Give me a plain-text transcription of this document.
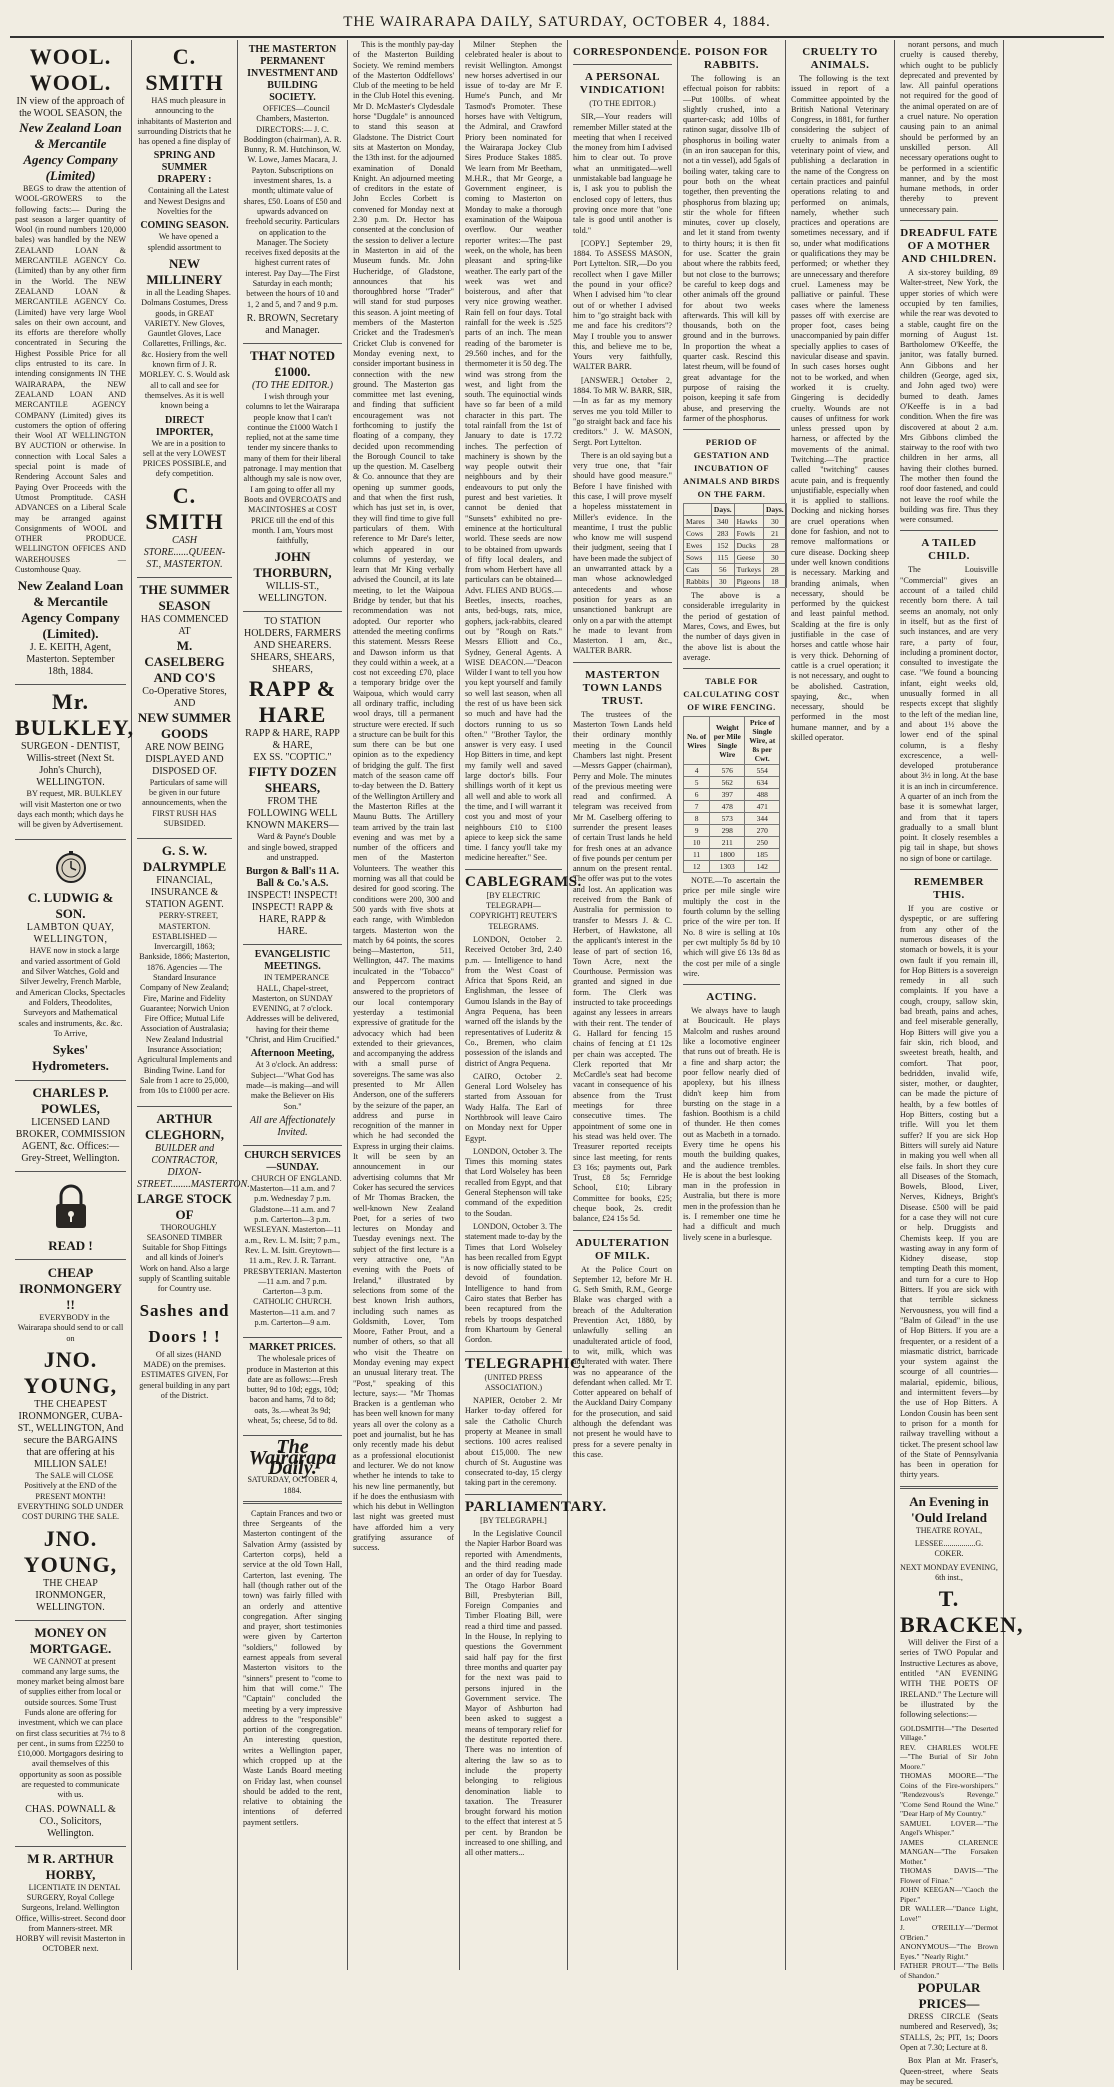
THE WAIRARAPA DAILY, SATURDAY, OCTOBER 4, 1884.
WOOL. WOOL.
IN view of the approach of the WOOL SEASON, the
New Zealand Loan & Mercantile Agency Company (Limited)

BEGS to draw the attention of WOOL-GROWERS to the following facts:— During the past season a larger quantity of Wool (in round numbers 120,000 bales) was handled by the NEW ZEALAND LOAN & MERCANTILE AGENCY Co. (Limited) than by any other firm in the World. The NEW ZEALAND LOAN & MERCANTILE AGENCY Co. (Limited) have very large Wool sales on their own account, and its efforts are therefore wholly concentrated in Securing the Highest Possible Price for all clips entrusted to its care. In intending consignments IN THE WAIRARAPA, the NEW ZEALAND LOAN AND MERCANTILE AGENCY COMPANY (Limited) gives its customers the option of offering their Wool AT WELLINGTON BY AUCTION or otherwise. In connection with Local Sales a special point is made of Rendering Account Sales and Paying Over Proceeds with the Utmost Promptitude. CASH ADVANCES on a Liberal Scale may be arranged against Consignments of WOOL and OTHER PRODUCE. WELLINGTON OFFICES AND WAREHOUSES — Customhouse Quay.

New Zealand Loan & Mercantile Agency Company (Limited).
J. E. KEITH, Agent, Masterton. September 18th, 1884.
Mr. BULKLEY,
SURGEON - DENTIST, Willis-street (Next St. John's Church), WELLINGTON.

BY request, MR. BULKLEY will visit Masterton one or two days each month; which days he will be given by Advertisement.

C. LUDWIG & SON.
LAMBTON QUAY, WELLINGTON,

HAVE now in stock a large and varied assortment of Gold and Silver Watches, Gold and Silver Jewelry, French Marble, and American Clocks, Spectacles and Folders, Theodolites, Surveyors and Mathematical scales and instruments, &c. &c. To Arrive,

Sykes' Hydrometers.
CHARLES P. POWLES,
LICENSED LAND BROKER, COMMISSION AGENT, &c. Offices:—Grey-Street, Wellington.
READ !
CHEAP IRONMONGERY !!

EVERYBODY in the Wairarapa should send to or call on

JNO. YOUNG,
THE CHEAPEST IRONMONGER, CUBA-ST., WELLINGTON, And secure the BARGAINS that are offering at his MILLION SALE!

The SALE will CLOSE Positively at the END of the PRESENT MONTH! EVERYTHING SOLD UNDER COST DURING THE SALE.

JNO. YOUNG,
THE CHEAP IRONMONGER, WELLINGTON.
MONEY ON MORTGAGE.

WE CANNOT at present command any large sums, the money market being almost bare of supplies either from local or outside sources. Some Trust Funds alone are offering for investment, which we can place on first class securities at 7½ to 8 per cent., in sums from £2250 to £10,000. Mortgagors desiring to avail themselves of this opportunity as soon as possible are requested to communicate with us.

CHAS. POWNALL & CO., Solicitors, Wellington.
M R. ARTHUR HORBY,

LICENTIATE IN DENTAL SURGERY, Royal College Surgeons, Ireland. Wellington Office, Willis-street. Second door from Manners-street. MR HORBY will revisit Masterton in OCTOBER next.

C. SMITH

HAS much pleasure in announcing to the inhabitants of Masterton and surrounding Districts that he has opened a fine display of

SPRING AND SUMMER DRAPERY :

Containing all the Latest and Newest Designs and Novelties for the

COMING SEASON.

We have opened a splendid assortment to

NEW MILLINERY

in all the Leading Shapes. Dolmans Costumes, Dress goods, in GREAT VARIETY. New Gloves, Gauntlet Gloves, Lace Collarettes, Frillings, &c. &c. Hosiery from the well known firm of J. R. MORLEY. C. S. Would ask all to call and see for themselves. As it is well known being a

DIRECT IMPORTER,

We are in a position to sell at the very LOWEST PRICES POSSIBLE, and defy competition.

C. SMITH
CASH STORE......QUEEN-ST., MASTERTON.
THE SUMMER SEASON
HAS COMMENCED AT
M. CASELBERG AND CO'S
Co-Operative Stores, AND
NEW SUMMER GOODS
ARE NOW BEING DISPLAYED AND DISPOSED OF.

Particulars of same will be given in our future announcements, when the FIRST RUSH HAS SUBSIDED.

G. S. W. DALRYMPLE
FINANCIAL, INSURANCE & STATION AGENT.

PERRY-STREET, MASTERTON. ESTABLISHED — Invercargill, 1863; Bankside, 1866; Masterton, 1876. Agencies — The Standard Insurance Company of New Zealand; Fire, Marine and Fidelity Guarantee; Norwich Union Fire Office; Mutual Life Association of Australasia; New Zealand Industrial Insurance Association; Agricultural Implements and Binding Twine. Land for Sale from 1 acre to 25,000, from 10s to £1000 per acre.

ARTHUR CLEGHORN,
BUILDER and CONTRACTOR, DIXON-STREET........MASTERTON.
LARGE STOCK OF

THOROUGHLY SEASONED TIMBER Suitable for Shop Fittings and all kinds of Joiner's Work on hand. Also a large supply of Scantling suitable for Country use.

Sashes and Doors ! !

Of all sizes (HAND MADE) on the premises. ESTIMATES GIVEN, For general building in any part of the District.

THE MASTERTON PERMANENT INVESTMENT AND BUILDING SOCIETY.

OFFICES—Council Chambers, Masterton. DIRECTORS:— J. C. Boddington (chairman), A. R. Bunny, R. M. Hutchinson, W. W. Lowe, James Macara, J. Payton. Subscriptions on investment shares, 1s. a month; ultimate value of shares, £50. Loans of £50 and upwards advanced on freehold security. Particulars on application to the Manager. The Society receives fixed deposits at the highest current rates of interest. Pay Day—The First Saturday in each month; between the hours of 10 and 1, 2 and 5, and 7 and 9 p.m.

R. BROWN, Secretary and Manager.
THAT NOTED £1000.
(TO THE EDITOR.)

I wish through your columns to let the Wairarapa people know that I can't continue the £1000 Watch I replied, not at the same time tender my sincere thanks to many of them for their liberal patronage. I may mention that although my sale is now over, I am going to offer all my Boots and OVERCOATS and MACINTOSHES at COST PRICE till the end of this month. I am, Yours most faithfully,

JOHN THORBURN,
WILLIS-ST., WELLINGTON.
TO STATION HOLDERS, FARMERS AND SHEARERS.
SHEARS, SHEARS, SHEARS,
RAPP & HARE
RAPP & HARE, RAPP & HARE,
EX SS. "COPTIC."
FIFTY DOZEN SHEARS,
FROM THE FOLLOWING WELL KNOWN MAKERS—

Ward & Payne's Double and single bowed, strapped and unstrapped.

Burgon & Ball's 11 A.
Ball & Co.'s A.S.
INSPECT! INSPECT! INSPECT! RAPP & HARE, RAPP & HARE.
EVANGELISTIC MEETINGS.

IN TEMPERANCE HALL, Chapel-street, Masterton, on SUNDAY EVENING, at 7 o'clock. Addresses will be delivered, having for their theme "Christ, and Him Crucified."

Afternoon Meeting,

At 3 o'clock. An address: Subject—"What God has made—is making—and will make the Believer on His Son."

All are Affectionately Invited.
CHURCH SERVICES—SUNDAY.

CHURCH OF ENGLAND. Masterton—11 a.m. and 7 p.m. Wednesday 7 p.m. Gladstone—11 a.m. and 7 p.m. Carterton—3 p.m. WESLEYAN. Masterton—11 a.m., Rev. L. M. Isitt; 7 p.m., Rev. L. M. Isitt. Greytown—11 a.m., Rev. J. R. Tarrant. PRESBYTERIAN. Masterton—11 a.m. and 7 p.m. Carterton—3 p.m. CATHOLIC CHURCH. Masterton—11 a.m. and 7 p.m. Carterton—9 a.m.

MARKET PRICES.

The wholesale prices of produce in Masterton at this date are as follows:—Fresh butter, 9d to 10d; eggs, 10d; bacon and hams, 7d to 8d; oats, 3s.—wheat 3s 9d; wheat, 5s; cheese, 5d to 8d.

The Wairarapa Daily.
SATURDAY, OCTOBER 4, 1884.

Captain Frances and two or three Sergeants of the Masterton contingent of the Salvation Army (assisted by Carterton corps), held a service at the old Town Hall, Carterton, last evening. The hall (though rather out of the town) was fairly filled with an orderly and attentive congregation. After singing and prayer, short testimonies were given by Carterton "soldiers," followed by earnest appeals from several Masterton visitors to the "sinners" present to "come to him that will come." The "Captain" concluded the meeting by a very impressive address to the "responsible" portion of the congregation. An interesting question, writes a Wellington paper, which cropped up at the Waste Lands Board meeting on Friday last, when counsel should be added to the rent, relative to obtaining the intentions of deferred payment settlers.

This is the monthly pay-day of the Masterton Building Society. We remind members of the Masterton Oddfellows' Club of the meeting to be held in the Club Hotel this evening. Mr D. McMaster's Clydesdale horse "Dugdale" is announced to stand this season at Gladstone. The District Court sits at Masterton on Monday, the 13th inst. for the adjourned examination of Donald Knight. An adjourned meeting of creditors in the estate of John Eccles Corbett is convened for Monday next at 2.30 p.m. Dr. Hector has consented at the conclusion of the session to deliver a lecture in Masterton in aid of the Museum funds. Mr. John Hucheridge, of Gladstone, announces that his thoroughbred horse "Trader" will stand for stud purposes this season. A joint meeting of members of the Masterton Cricket and the Tradesmen's Cricket Club is convened for Monday evening next, to consider important business in connection with the new ground. The Masterton gas committee met last evening, and finding that sufficient encouragement was not forthcoming to justify the floating of a company, they decided upon recommending the Borough Council to take up the question. M. Caselberg & Co. announce that they are opening up summer goods, and that when the first rush, which has just set in, is over, they will find time to give full particulars of them. With reference to Mr Dare's letter, which appeared in our columns of yesterday, we learn that Mr King verbally advised the Council, at its late meeting, to let the Waipoua Bridge by tender, but that his recommendation was not adopted. Our reporter who attended the meeting confirms this statement. Messrs Reese and Dawson inform us that they could within a week, at a cost not exceeding £70, place a temporary bridge over the Waipoua, which would carry all ordinary traffic, including wool drays, till a permanent structure were erected. If such a structure can be built for this sum there can be but one opinion as to the expediency of bridging the gulf. The first match of the season came off to-day between the D. Battery of the Wellington Artillery and the Masterton Rifles at the Maunu Butts. The Artillery team arrived by the train last evening and was met by a number of the officers and men of the Masterton Volunteers. The weather this morning was all that could be desired for good scoring. The conditions were 200, 300 and 500 yards with five shots at each range, with Wimbledon targets. Masterton won the match by 64 points, the scores being—Masterton, 511, Wellington, 447. The maxims inculcated in the "Tobacco" and Peppercorn contract answered to the proprietors of our local contemporary yesterday a testimonial expressive of gratitude for the advocacy which had been extended to their grievances, and accompanying the address with a small purse of sovereigns. The same was also presented to Mr Allen Anderson, one of the sufferers by the seizure of the paper, an address and purse in recognition of the manner in which he had seconded the Express in urging their claims. It will be seen by an announcement in our advertising columns that Mr Coker has secured the services of Mr Thomas Bracken, the well-known New Zealand Poet, for a series of two lectures on Monday and Tuesday evenings next. The subject of the first lecture is a very attractive one, "An evening with the Poets of Ireland," illustrated by selections from some of the best known Irish authors, including such names as Goldsmith, Lover, Tom Moore, Father Prout, and a number of others, so that all who visit the Theatre on Monday evening may expect an unusual literary treat. The "Post," speaking of this lecture, says:— "Mr Thomas Bracken is a gentleman who has been well known for many years all over the colony as a poet and journalist, but he has only recently made his debut as a professional elocutionist and lecturer. We do not know whether he intends to take to his new line permanently, but if he does the enthusiasm with which his debut in Wellington last night was greeted must have afforded him a very gratifying assurance of success.

Milner Stephen the celebrated healer is about to revisit Wellington. Amongst new horses advertised in our issue of to-day are Mr F. Hume's Punch, and Mr Tasmod's Promoter. These horses have with Veltigrum, the Admiral, and Crawford Priory been nominated for the Wairarapa Jockey Club Sires Produce Stakes 1885. We learn from Mr Beetham, M.H.R., that Mr George, a Government engineer, is coming to Masterton on Monday to make a thorough examination of the Waipoua overflow. Our weather reporter writes:—The past week, on the whole, has been pleasant and spring-like weather. The early part of the week was wet and boisterous, and after that very nice growing weather. Rain fell on four days. Total rainfall for the week is .525 parts of an inch. The mean reading of the barometer is 29.560 inches, and for the thermometer it is 50 deg. The wind was strong from the west, and light from the south. The equinoctial winds have so far been of a mild character in this part. The total rainfall from the 1st of January to date is 17.72 inches. The perfection of machinery is shown by the way people outwit their neighbours and by their endeavours to put only the purest and best varieties. It cannot be denied that "Sunsets" exhibited no pre-eminence at the horticultural world. These seeds are now to be obtained from upwards of fifty local dealers, and from whom Herbert have all particulars can be obtained—Advt. FLIES AND BUGS.—Beetles, insects, roaches, ants, bed-bugs, rats, mice, gophers, jack-rabbits, cleared out by "Rough on Rats." Messrs Elliott and Co., Sydney, General Agents. A WISE DEACON.—"Deacon Wilder I want to tell you how you kept yourself and family so well last season, when all the rest of us have been sick so much and have had the doctors running to us so often." "Brother Taylor, the answer is very easy. I used Hop Bitters in time, and kept my family well and saved large doctor's bills. Four shillings worth of it kept us all well and able to work all the time, and I will warrant it cost you and most of your neighbours £10 to £100 apiece to keep sick the same time. I fancy you'll take my medicine hereafter." See.

CABLEGRAMS.
[BY ELECTRIC TELEGRAPH—COPYRIGHT] REUTER'S TELEGRAMS.

LONDON, October 2. Received October 3rd, 2.40 p.m. — Intelligence to hand from the West Coast of Africa that Spons Reid, an Englishman, the lessee of Gumou Islands in the Bay of Angra Pequena, has been warned off the islands by the representatives of Luderitz & Co., Bremen, who claim possession of the islands and district of Angra Pequena.

CAIRO, October 2. General Lord Wolseley has started from Assouan for Wady Halfa. The Earl of Northbrook will leave Cairo on Monday next for Upper Egypt.

LONDON, October 3. The Times this morning states that Lord Wolseley has been recalled from Egypt, and that General Stephenson will take command of the expedition to the Soudan.

LONDON, October 3. The statement made to-day by the Times that Lord Wolseley has been recalled from Egypt is now officially stated to be devoid of foundation. Intelligence to hand from Cairo states that Berber has been recaptured from the rebels by troops despatched from Khartoum by General Gordon.

TELEGRAPHIC.
(UNITED PRESS ASSOCIATION.)

NAPIER, October 2. Mr Harker to-day offered for sale the Catholic Church property at Meanee in small sections. 100 acres realised about £15,000. The new church of St. Augustine was consecrated to-day, 15 clergy taking part in the ceremony.

PARLIAMENTARY.
[BY TELEGRAPH.]

In the Legislative Council the Napier Harbor Board was reported with Amendments, and the third reading made an order of day for Tuesday. The Otago Harbor Board Bill, Presbyterian Bill, Foreign Companies and Timber Floating Bill, were read a third time and passed. In the House, In replying to questions the Government said half pay for the first three months and quarter pay for the next was paid to persons injured in the Government service. The Mayor of Ashburton had been asked to suggest a means of temporary relief for the destitute reported there. There was no intention of altering the law so as to include the property belonging to religious denomination liable to taxation. The Treasurer brought forward his motion to the effect that interest at 5 per cent. by Brandon be increased to one shilling, and all other matters...

CORRESPONDENCE.
A PERSONAL VINDICATION!
(TO THE EDITOR.)

SIR,—Your readers will remember Miller stated at the meeting that when I received the money from him I advised him to clear out. To prove what an unmitigated—well unmistakable bad language he is, I ask you to publish the enclosed copy of letters, thus proving once more that "one tale is good until another is told."

[COPY.] September 29, 1884. To ASSESS MASON, Port Lyttelton. SIR,—Do you recollect when I gave Miller the pound in your office? When I advised him "to clear out of or whether I advised him to "go straight back with me and face his creditors"? May I trouble you to answer this, and believe me to be, Yours very faithfully, WALTER BARR.

[ANSWER.] October 2, 1884. To MR W. BARR, SIR,—In as far as my memory serves me you told Miller to "go straight back and face his creditors." J. W. MASON, Sergt. Port Lyttelton.

There is an old saying but a very true one, that "fair should have good measure." Before I have finished with this case, I will prove myself a hopeless misstatement in Miller's evidence. In the meantime, I trust the public who know me will suspend their judgment, seeing that I have been made the subject of an unwarranted attack by a man whose acknowledged antecedents and whose position for years as an unsanctioned bankrupt are only on a par with the attempt he made to levant from Masterton. I am, &c., WALTER BARR.

MASTERTON TOWN LANDS TRUST.

The trustees of the Masterton Town Lands held their ordinary monthly meeting in the Council Chambers last night. Present—Messrs Gapper (chairman), Perry and Mole. The minutes of the previous meeting were read and confirmed. A telegram was received from Mr M. Caselberg offering to surrender the present leases of certain Trust lands he held for fresh ones at an advance of five pounds per centum per annum on the present rental. The offer was put to the votes and lost. An application was received from the Bank of Australia for permission to transfer to Messrs J. & C. Herbert, of Hawkstone, all the applicant's interest in the lease of part of section 16, Town Acre, next the Courthouse. Permission was granted and signed in due form. The Clerk was instructed to take proceedings against any lessees in arrears with their rent. The tender of G. Hallard for fencing 15 chains of fencing at £1 12s per chain was accepted. The Clerk reported that Mr McCardle's seat had become vacant in consequence of his absence from the Trust meetings for three consecutive times. The appointment of some one in his stead was held over. The Treasurer reported receipts since last meeting, for rents £3 16s; payments out, Park Trust, £8 5s; Fernridge School, £10; Library Committee for books, £25; cheque book, 2s. credit balance, £24 15s 5d.

ADULTERATION OF MILK.

At the Police Court on September 12, before Mr H. G. Seth Smith, R.M., George Blake was charged with a breach of the Adulteration Prevention Act, 1880, by unlawfully selling an unadulterated article of food, to wit, milk, which was adulterated with water. There was no appearance of the defendant when called. Mr T. Cotter appeared on behalf of the Auckland Dairy Company for the prosecution, and said although the defendant was not present he would have to press for a severe penalty in this case.

POISON FOR RABBITS.

The following is an effectual poison for rabbits:—Put 100lbs. of wheat slightly crushed, into a quarter-cask; add 10lbs of ratinon sugar, dissolve 1lb of phosphorus in boiling water (in an iron saucepan for this, not a tin vessel), add 5gals of boiling water, taking care to pour both on the wheat together, then preventing the phosphorus from blazing up; stir the whole for fifteen minutes, cover up closely, and let it stand from twenty to thirty hours; it is then fit for use. Scatter the grain about where the rabbits feed, but not close to the burrows; be careful to keep dogs and other animals off the ground for about two weeks afterwards. This will kill by thousands, both on the ground and in the burrows. In proportion the wheat a quarter cask. Rescind this latest rheum, will be found of great advantage for the purpose of raising the poison, keeping it safe from abuse, and preserving the farmer of the phosphorus.

PERIOD OF GESTATION AND INCUBATION OF ANIMALS AND BIRDS ON THE FARM.
	Days.		Days.
Mares	340	Hawks	30
Cows	283	Fowls	21
Ewes	152	Ducks	28
Sows	115	Geese	30
Cats	56	Turkeys	28
Rabbits	30	Pigeons	18

The above is a considerable irregularity in the period of gestation of Mares, Cows, and Ewes, but the number of days given in the above list is about the average.

TABLE FOR CALCULATING COST OF WIRE FENCING.
No. of Wires	Weight per Mile Single Wire	Price of Single Wire, at 8s per Cwt.
4	576	554
5	562	634
6	397	488
7	478	471
8	573	344
9	298	270
10	211	250
11	1800	185
12	1303	142

NOTE.—To ascertain the price per mile single wire multiply the cost in the fourth column by the selling price of the wire per ton. If No. 8 wire is selling at 10s per cwt multiply 5s 8d by 10 which will give £6 13s 8d as the cost per mile of a single wire.

ACTING.

We always have to laugh at Boucicault. He plays Malcolm and rushes around like a locomotive engineer that runs out of breath. He is a fine and sharp actor; the poor fellow nearly died of apoplexy, but his illness didn't keep him from bursting on the stage in a fashion. Boothism is a child of thunder. He then comes out as Macbeth in a tornado. Every time he opens his mouth the building quakes, and the audience trembles. He is about the best looking man in the profession in Australia, but there is more men in the profession than he is. I remember one time he had a difficult and much lively scene in a burlesque.

CRUELTY TO ANIMALS.

The following is the text issued in report of a Committee appointed by the British National Veterinary Congress, in 1881, for further considering the subject of cruelty to animals from a veterinary point of view, and publishing a declaration in the name of the Congress on certain practices and painful operations relating to and performed on animals, namely, whether such practices and operations are sometimes necessary, and if so, under what modifications or qualifications they may be performed; or whether they are unnecessary and therefore cruel. Lameness may be palliative or painful. These cases where the lameness passes off with exercise are proper foot, cases being unaccompanied by pain differ specially applies to cases of navicular disease and spavin. In such cases horses ought not to be worked, and when worked it is cruelty. Gingering is decidedly cruelty. Wounds are not causes of unfitness for work unless pressed upon by harness, or affected by the movements of the animal. Twitching.—The practice called "twitching" causes acute pain, and is frequently unjustifiable, especially when it is applied to stallions. Docking and nicking horses are cruel operations when done for fashion, and not to remove malformations or cure disease. Docking sheep under well known conditions is necessary. Marking and branding animals, when necessary, should be performed by the quickest and least painful method. Scalding at the fire is only justifiable in the case of horses and cattle whose hair is very thick. Dehorning of cattle is a cruel operation; it is not necessary, and ought to be abolished. Castration, spaying, &c., when necessary, should be performed in the most humane manner, and by a skilled operator.

norant persons, and much cruelty is caused thereby, which ought to be publicly deprecated and prevented by law. All painful operations not required for the good of the animal operated on are of a cruel nature. No operation causing pain to an animal should be performed by an unskilled person. All necessary operations ought to be performed in a scientific manner, and by the most humane methods, in order thereby to prevent unnecessary pain.

DREADFUL FATE OF A MOTHER AND CHILDREN.

A six-storey building, 89 Walter-street, New York, the upper stories of which were occupied by ten families, while the rear was devoted to a stable, caught fire on the morning of August 1st. Bartholomew O'Keeffe, the janitor, was fatally burned. Ann Gibbons and her children (George, aged six, and John aged two) were burned to death. James O'Keeffe is in a bad condition. When the fire was discovered at about 2 a.m. Mrs Gibbons climbed the stairway to the roof with two children in her arms, all having their clothes burned. The mother then found the roof door fastened, and could not leave the roof while the building was fire. Thus they were consumed.

A TAILED CHILD.

The Louisville "Commercial" gives an account of a tailed child recently born there. A tail seems an anomaly, not only in itself, but as the first of such instances, and are very rare, a party of four, including a prominent doctor, consulted to investigate the case. "We found a bouncing infant, eight weeks old, unusually formed in all respects except that slightly to the left of the median line, and about 1½ above the lower end of the spinal column, is a fleshy excrescence, a well-developed protuberance about 3½ in long. At the base it is an inch in circumference. A quarter of an inch from the base it is somewhat larger, and from that it tapers gradually to a small blunt point. It closely resembles a pig tail in shape, but shows no sign of bone or cartilage.

REMEMBER THIS.

If you are costive or dyspeptic, or are suffering from any other of the numerous diseases of the stomach or bowels, it is your own fault if you remain ill, for Hop Bitters is a sovereign remedy in all such complaints. If you have a cough, croupy, sallow skin, bad breath, pains and aches, and feel miserable generally, Hop Bitters will give you a fair skin, rich blood, and sweetest breath, health, and comfort. That poor, bedridden, invalid wife, sister, mother, or daughter, can be made the picture of health, by a few bottles of Hop Bitters, costing but a trifle. Will you let them suffer? If you are sick Hop Bitters will surely aid Nature in making you well when all else fails. In short they cure all Diseases of the Stomach, Bowels, Blood, Liver, Nerves, Kidneys, Bright's Disease. £500 will be paid for a case they will not cure or help. Druggists and Chemists keep. If you are wasting away in any form of Kidney disease, stop tempting Death this moment, and turn for a cure to Hop Bitters. If you are sick with that terrible sickness Nervousness, you will find a "Balm of Gilead" in the use of Hop Bitters. If you are a frequenter, or a resident of a miasmatic district, barricade your system against the scourge of all countries—malarial, epidemic, bilious, and intermittent fevers—by the use of Hop Bitters. A London Cousin has been sent to prison for a month for railway travelling without a ticket. The present school law of the State of Pennsylvania has been in operation for thirty years.

An Evening in 'Ould Ireland
THEATRE ROYAL,
LESSEE................G. COKER.
NEXT MONDAY EVENING, 6th inst.,
T. BRACKEN,

Will deliver the First of a series of TWO Popular and Instructive Lectures as above, entitled "AN EVENING WITH THE POETS OF IRELAND." The Lecture will be illustrated by the following selections:—

GOLDSMITH—"The Deserted Village."
REV. CHARLES WOLFE—"The Burial of Sir John Moore."
THOMAS MOORE—"The Coins of the Fire-worshipers." "Rendezvous's Revenge." "Come Send Round the Wine." "Dear Harp of My Country."
SAMUEL LOVER—"The Angel's Whisper."
JAMES CLARENCE MANGAN—"The Forsaken Mother."
THOMAS DAVIS—"The Flower of Finae."
JOHN KEEGAN—"Caoch the Piper."
DR WALLER—"Dance Light, Love!"
J. O'REILLY—"Dermot O'Brien."
ANONYMOUS—"The Brown Eyes." "Nearly Right."
FATHER PROUT—"The Bells of Shandon."
POPULAR PRICES—

DRESS CIRCLE (Seats numbered and Reserved), 3s; STALLS, 2s; PIT, 1s; Doors Open at 7.30; Lecture at 8.

Box Plan at Mr. Fraser's, Queen-street, where Seats may be secured.
